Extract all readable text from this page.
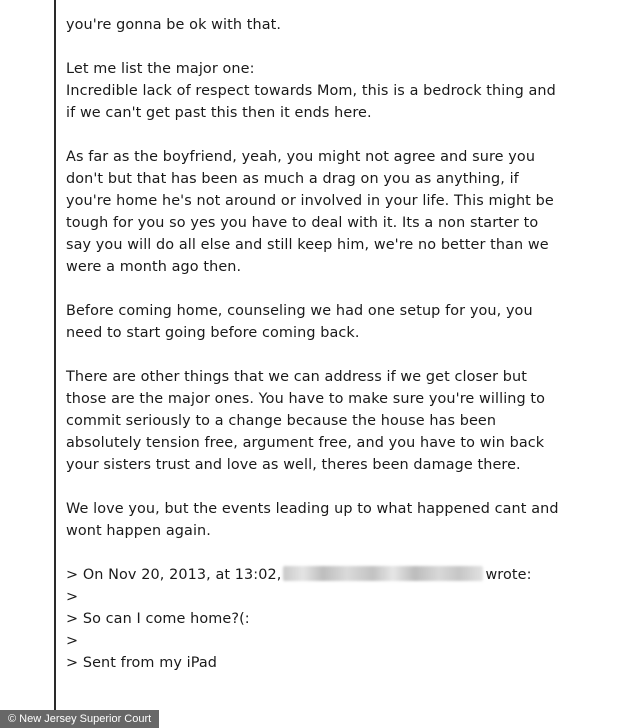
you're gonna be ok with that.

Let me list the major one:
Incredible lack of respect towards Mom, this is a bedrock thing and
if we can't get past this then it ends here.

As far as the boyfriend, yeah, you might not agree and sure you
don't but that has been as much a drag on you as anything, if
you're home he's not around or involved in your life. This might be
tough for you so yes you have to deal with it. Its a non starter to
say you will do all else and still keep him, we're no better than we
were a month ago then.

Before coming home, counseling we had one setup for you, you
need to start going before coming back.

There are other things that we can address if we get closer but
those are the major ones. You have to make sure you're willing to
commit seriously to a change because the house has been
absolutely tension free, argument free, and you have to win back
your sisters trust and love as well, theres been damage there.

We love you, but the events leading up to what happened cant and
wont happen again.

> On Nov 20, 2013, at 13:02,	wrote:
>
> So can I come home?(:
>
> Sent from my iPad

© New Jersey Superior Court
